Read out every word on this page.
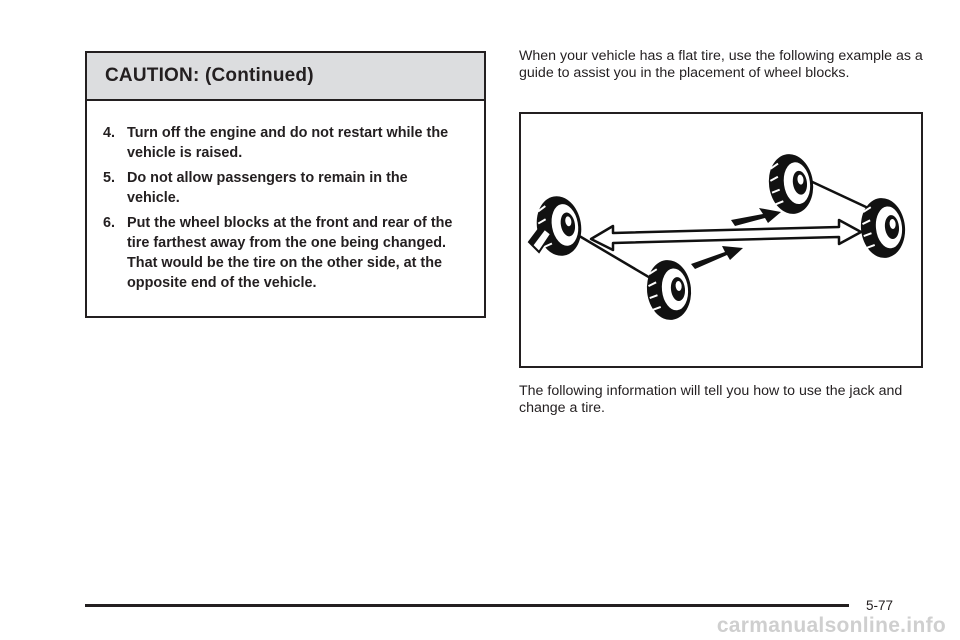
CAUTION: (Continued)
4. Turn off the engine and do not restart while the vehicle is raised.
5. Do not allow passengers to remain in the vehicle.
6. Put the wheel blocks at the front and rear of the tire farthest away from the one being changed. That would be the tire on the other side, at the opposite end of the vehicle.

When your vehicle has a flat tire, use the following example as a guide to assist you in the placement of wheel blocks.

The following information will tell you how to use the jack and change a tire.

5-77
carmanualsonline.info
